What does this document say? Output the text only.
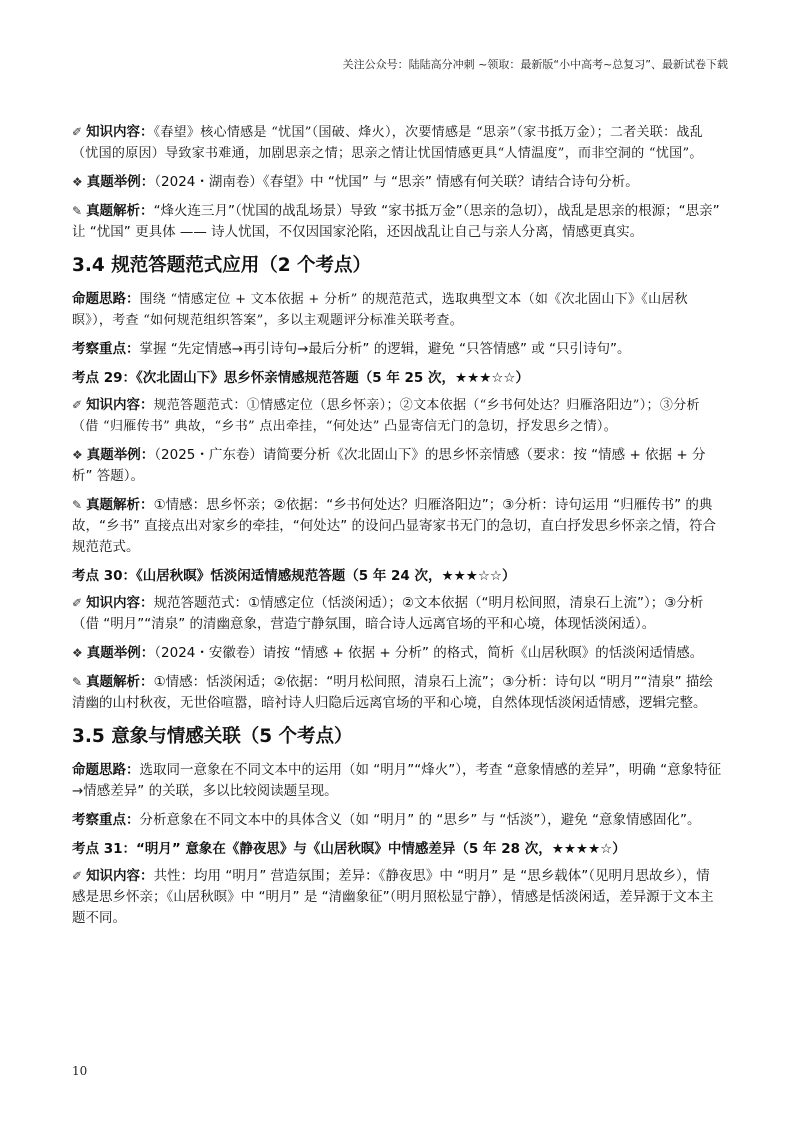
关注公众号：陆陆高分冲刺 ~领取：最新版“小中高考~总复习”、最新试卷下载

✐ 知识内容：《春望》核心情感是 “忧国”（国破、烽火），次要情感是 “思亲”（家书抵万金）；二者关联：战乱（忧国的原因）导致家书难通，加剧思亲之情；思亲之情让忧国情感更具“人情温度”，而非空洞的 “忧国”。

❖ 真题举例：（2024・湖南卷）《春望》中 “忧国” 与 “思亲” 情感有何关联？请结合诗句分析。

✎ 真题解析：“烽火连三月”（忧国的战乱场景）导致 “家书抵万金”（思亲的急切），战乱是思亲的根源；“思亲” 让 “忧国” 更具体 —— 诗人忧国，不仅因国家沦陷，还因战乱让自己与亲人分离，情感更真实。

3.4 规范答题范式应用（2 个考点）

命题思路：围绕 “情感定位 + 文本依据 + 分析” 的规范范式，选取典型文本（如《次北固山下》《山居秋暝》），考查 “如何规范组织答案”，多以主观题评分标准关联考查。

考察重点：掌握 “先定情感→再引诗句→最后分析” 的逻辑，避免 “只答情感” 或 “只引诗句”。

考点 29：《次北固山下》思乡怀亲情感规范答题（5 年 25 次，★★★☆☆）

✐ 知识内容：规范答题范式：①情感定位（思乡怀亲）；②文本依据（“乡书何处达？归雁洛阳边”）；③分析（借 “归雁传书” 典故，“乡书” 点出牵挂，“何处达” 凸显寄信无门的急切，抒发思乡之情）。

❖ 真题举例：（2025・广东卷）请简要分析《次北固山下》的思乡怀亲情感（要求：按 “情感 + 依据 + 分析” 答题）。

✎ 真题解析：①情感：思乡怀亲；②依据：“乡书何处达？归雁洛阳边”；③分析：诗句运用 “归雁传书” 的典故，“乡书” 直接点出对家乡的牵挂，“何处达” 的设问凸显寄家书无门的急切，直白抒发思乡怀亲之情，符合规范范式。

考点 30：《山居秋暝》恬淡闲适情感规范答题（5 年 24 次，★★★☆☆）

✐ 知识内容：规范答题范式：①情感定位（恬淡闲适）；②文本依据（“明月松间照，清泉石上流”）；③分析（借 “明月”“清泉” 的清幽意象，营造宁静氛围，暗合诗人远离官场的平和心境，体现恬淡闲适）。

❖ 真题举例：（2024・安徽卷）请按 “情感 + 依据 + 分析” 的格式，简析《山居秋暝》的恬淡闲适情感。

✎ 真题解析：①情感：恬淡闲适；②依据：“明月松间照，清泉石上流”；③分析：诗句以 “明月”“清泉” 描绘清幽的山村秋夜，无世俗喧嚣，暗衬诗人归隐后远离官场的平和心境，自然体现恬淡闲适情感，逻辑完整。

3.5 意象与情感关联（5 个考点）

命题思路：选取同一意象在不同文本中的运用（如 “明月”“烽火”），考查 “意象情感的差异”，明确 “意象特征→情感差异” 的关联，多以比较阅读题呈现。

考察重点：分析意象在不同文本中的具体含义（如 “明月” 的 “思乡” 与 “恬淡”），避免 “意象情感固化”。

考点 31：“明月” 意象在《静夜思》与《山居秋暝》中情感差异（5 年 28 次，★★★★☆）

✐ 知识内容：共性：均用 “明月” 营造氛围；差异：《静夜思》中 “明月” 是 “思乡载体”（见明月思故乡），情感是思乡怀亲；《山居秋暝》中 “明月” 是 “清幽象征”（明月照松显宁静），情感是恬淡闲适，差异源于文本主题不同。

10
